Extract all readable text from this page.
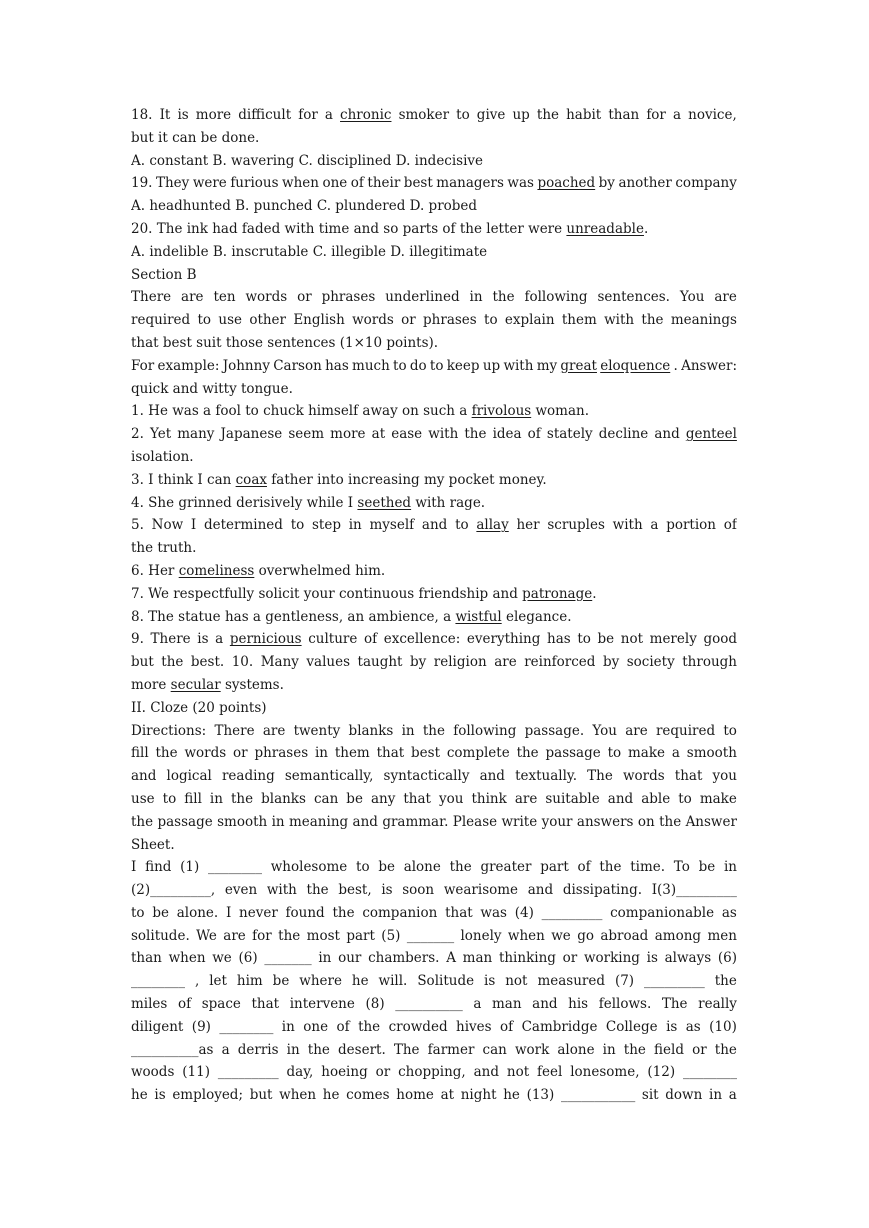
18. It is more difficult for a chronic smoker to give up the habit than for a novice,
but it can be done.
A. constant B. wavering C. disciplined D. indecisive
19. They were furious when one of their best managers was poached by another company
A. headhunted B. punched C. plundered D. probed
20. The ink had faded with time and so parts of the letter were unreadable.
A. indelible B. inscrutable C. illegible D. illegitimate
Section B
There are ten words or phrases underlined in the following sentences. You are
required to use other English words or phrases to explain them with the meanings
that best suit those sentences (1×10 points).
For example: Johnny Carson has much to do to keep up with my great eloquence . Answer:
quick and witty tongue.
1. He was a fool to chuck himself away on such a frivolous woman.
2. Yet many Japanese seem more at ease with the idea of stately decline and genteel
isolation.
3. I think I can coax father into increasing my pocket money.
4. She grinned derisively while I seethed with rage.
5. Now I determined to step in myself and to allay her scruples with a portion of
the truth.
6. Her comeliness overwhelmed him.
7. We respectfully solicit your continuous friendship and patronage.
8. The statue has a gentleness, an ambience, a wistful elegance.
9. There is a pernicious culture of excellence: everything has to be not merely good
but the best. 10. Many values taught by religion are reinforced by society through
more secular systems.
II. Cloze (20 points)
Directions: There are twenty blanks in the following passage. You are required to
fill the words or phrases in them that best complete the passage to make a smooth
and logical reading semantically, syntactically and textually. The words that you
use to fill in the blanks can be any that you think are suitable and able to make
the passage smooth in meaning and grammar. Please write your answers on the Answer
Sheet.
I find (1) ________ wholesome to be alone the greater part of the time. To be in
(2)_________, even with the best, is soon wearisome and dissipating. I(3)_________
to be alone. I never found the companion that was (4) _________ companionable as
solitude. We are for the most part (5) _______ lonely when we go abroad among men
than when we (6) _______ in our chambers. A man thinking or working is always (6)
________ , let him be where he will. Solitude is not measured (7) _________ the
miles of space that intervene (8) __________ a man and his fellows. The really
diligent (9) ________ in one of the crowded hives of Cambridge College is as (10)
__________as a derris in the desert. The farmer can work alone in the field or the
woods (11) _________ day, hoeing or chopping, and not feel lonesome, (12) ________
he is employed; but when he comes home at night he (13) ___________ sit down in a
